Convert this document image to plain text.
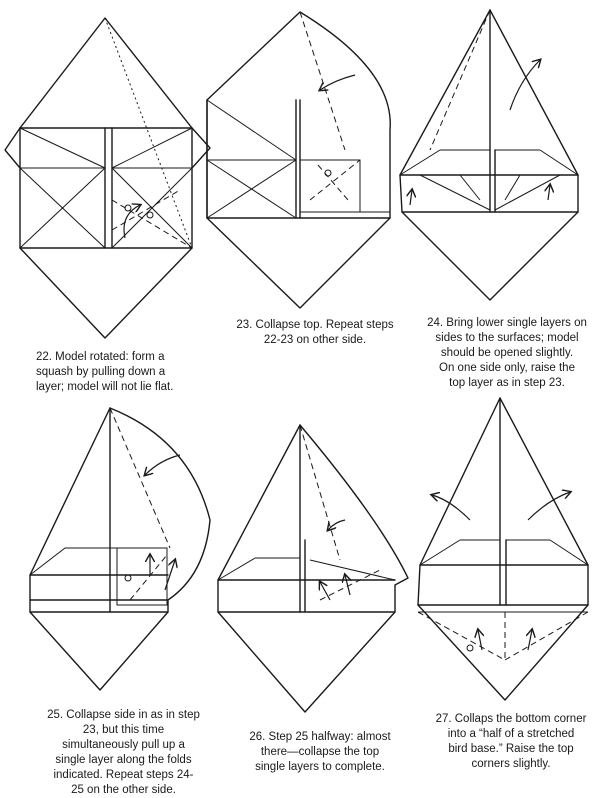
22. Model rotated: form a
squash by pulling down a
layer; model will not lie flat.
23. Collapse top. Repeat steps
22-23 on other side.
24. Bring lower single layers on
sides to the surfaces; model
should be opened slightly.
On one side only, raise the
top layer as in step 23.
25. Collapse side in as in step
23, but this time
simultaneously pull up a
single layer along the folds
indicated. Repeat steps 24-
25 on the other side.
26. Step 25 halfway: almost
there—collapse the top
single layers to complete.
27. Collaps the bottom corner
into a “half of a stretched
bird base.” Raise the top
corners slightly.
